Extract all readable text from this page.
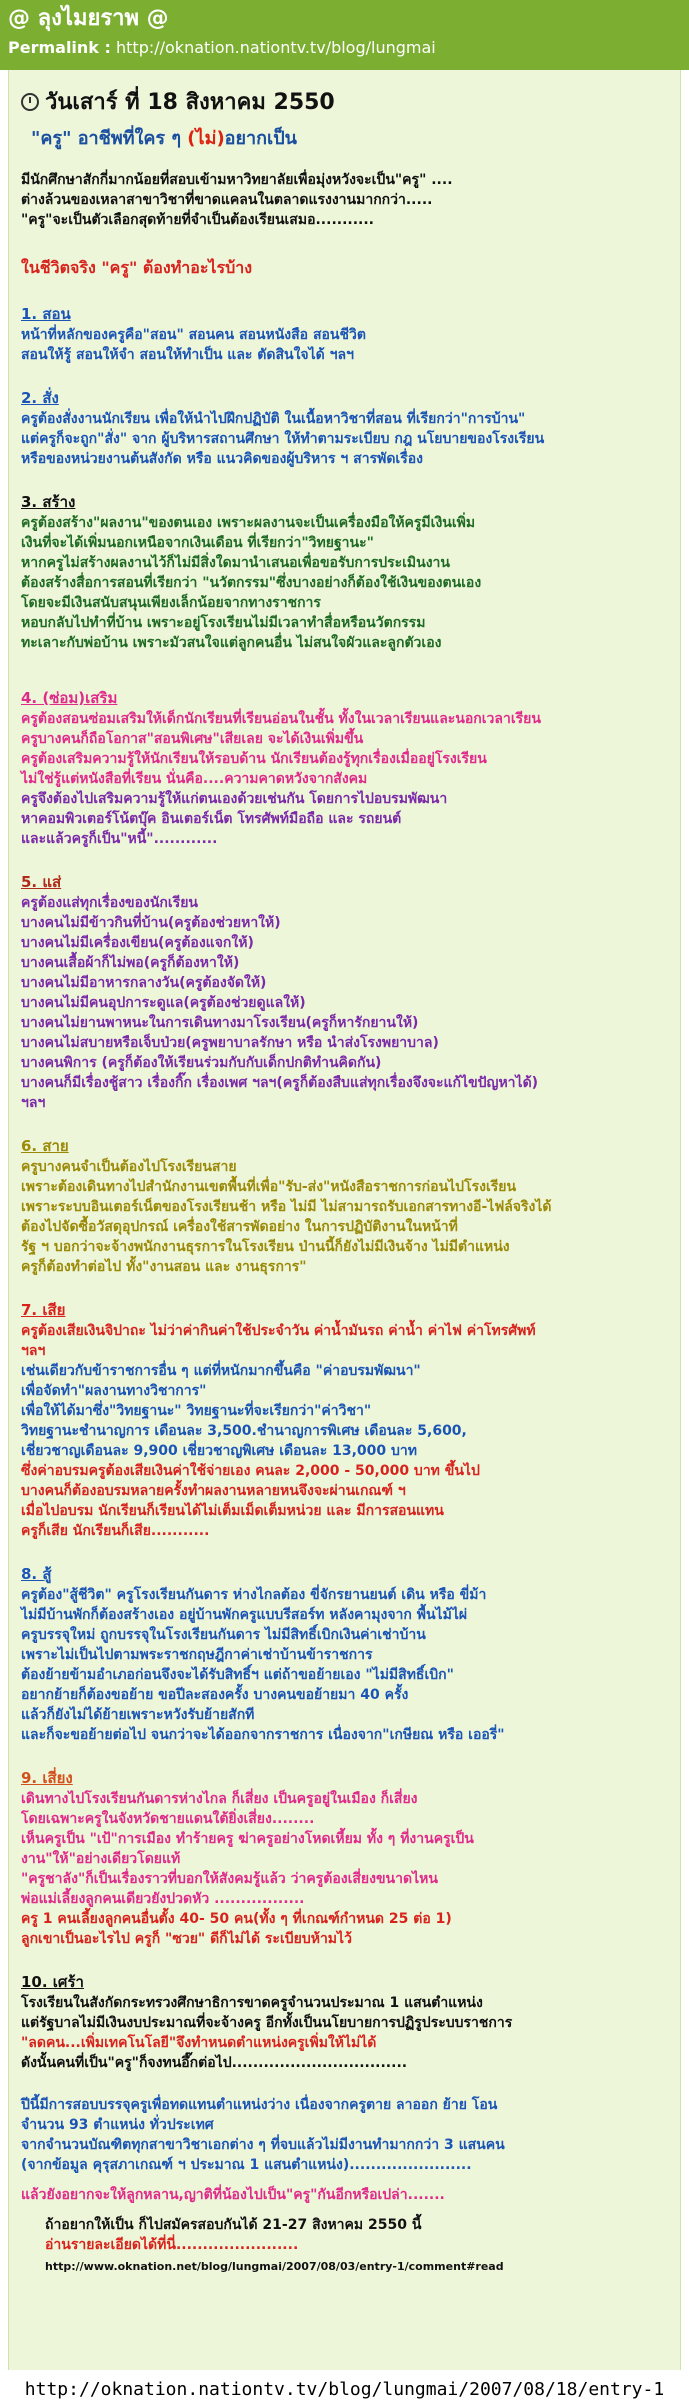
@ ลุงไมยราพ @
Permalink : http://oknation.nationtv.tv/blog/lungmai
วันเสาร์ ที่ 18 สิงหาคม 2550
"ครู" อาชีพที่ใคร ๆ (ไม่)อยากเป็น

มีนักศึกษาสักกี่มากน้อยที่สอบเข้ามหาวิทยาลัยเพื่อมุ่งหวังจะเป็น"ครู" ....

ต่างล้วนของเหลาสาขาวิชาที่ขาดแคลนในตลาดแรงงานมากกว่า.....

"ครู"จะเป็นตัวเลือกสุดท้ายที่จำเป็นต้องเรียนเสมอ...........

ในชีวิตจริง "ครู" ต้องทำอะไรบ้าง
1. สอน

หน้าที่หลักของครูคือ"สอน" สอนคน สอนหนังสือ สอนชีวิต

สอนให้รู้ สอนให้จำ สอนให้ทำเป็น และ ตัดสินใจได้ ฯลฯ

2. สั่ง

ครูต้องสั่งงานนักเรียน เพื่อให้นำไปฝึกปฏิบัติ ในเนื้อหาวิชาที่สอน ที่เรียกว่า"การบ้าน"

แต่ครูก็จะถูก"สั่ง" จาก ผู้บริหารสถานศึกษา ให้ทำตามระเบียบ กฎ นโยบายของโรงเรียน

หรือของหน่วยงานต้นสังกัด หรือ แนวคิดของผู้บริหาร ฯ สารพัดเรื่อง

3. สร้าง

ครูต้องสร้าง"ผลงาน"ของตนเอง เพราะผลงานจะเป็นเครื่องมือให้ครูมีเงินเพิ่ม

เงินที่จะได้เพิ่มนอกเหนือจากเงินเดือน ที่เรียกว่า"วิทยฐานะ"

หากครูไม่สร้างผลงานไว้ก็ไม่มีสิ่งใดมานำเสนอเพื่อขอรับการประเมินงาน

ต้องสร้างสื่อการสอนที่เรียกว่า "นวัตกรรม"ซึ่งบางอย่างก็ต้องใช้เงินของตนเอง

โดยจะมีเงินสนับสนุนเพียงเล็กน้อยจากทางราชการ

หอบกลับไปทำที่บ้าน เพราะอยู่โรงเรียนไม่มีเวลาทำสื่อหรือนวัตกรรม

ทะเลาะกับพ่อบ้าน เพราะมัวสนใจแต่ลูกคนอื่น ไม่สนใจผัวและลูกตัวเอง

4. (ซ่อม)เสริม

ครูต้องสอนซ่อมเสริมให้เด็กนักเรียนที่เรียนอ่อนในชั้น ทั้งในเวลาเรียนและนอกเวลาเรียน

ครูบางคนก็ถือโอกาส"สอนพิเศษ"เสียเลย จะได้เงินเพิ่มขึ้น

ครูต้องเสริมความรู้ให้นักเรียนให้รอบด้าน นักเรียนต้องรู้ทุกเรื่องเมื่ออยู่โรงเรียน

ไม่ใช่รู้แต่หนังสือที่เรียน นั่นคือ....ความคาดหวังจากสังคม

ครูจึงต้องไปเสริมความรู้ให้แก่ตนเองด้วยเช่นกัน โดยการไปอบรมพัฒนา

หาคอมพิวเตอร์โน้ตบุ๊ค อินเตอร์เน็ต โทรศัพท์มือถือ และ รถยนต์

และแล้วครูก็เป็น"หนี้"............

5. แส่

ครูต้องแส่ทุกเรื่องของนักเรียน

บางคนไม่มีข้าวกินที่บ้าน(ครูต้องช่วยหาให้)

บางคนไม่มีเครื่องเขียน(ครูต้องแจกให้)

บางคนเสื้อผ้าก็ไม่พอ(ครูก็ต้องหาให้)

บางคนไม่มีอาหารกลางวัน(ครูต้องจัดให้)

บางคนไม่มีคนอุปการะดูแล(ครูต้องช่วยดูแลให้)

บางคนไม่ยานพาหนะในการเดินทางมาโรงเรียน(ครูก็หารักยานให้)

บางคนไม่สบายหรือเจ็บป่วย(ครูพยาบาลรักษา หรือ นำส่งโรงพยาบาล)

บางคนพิการ (ครูก็ต้องให้เรียนร่วมกับกับเด็กปกติทำนคิดกัน)

บางคนก็มีเรื่องชู้สาว เรื่องกิ๊ก เรื่องเพศ ฯลฯ(ครูก็ต้องสืบแส่ทุกเรื่องจึงจะแก้ไขปัญหาได้)

ฯลฯ

6. สาย

ครูบางคนจำเป็นต้องไปโรงเรียนสาย

เพราะต้องเดินทางไปสำนักงานเขตพื้นที่เพื่อ"รับ-ส่ง"หนังสือราชการก่อนไปโรงเรียน

เพราะระบบอินเตอร์เน็ตของโรงเรียนช้า หรือ ไม่มี ไม่สามารถรับเอกสารทางอี-ไฟล์จริงได้

ต้องไปจัดซื้อวัสดุอุปกรณ์ เครื่องใช้สารพัดอย่าง ในการปฏิบัติงานในหน้าที่

รัฐ ฯ บอกว่าจะจ้างพนักงานธุรการในโรงเรียน ป่านนี้ก็ยังไม่มีเงินจ้าง ไม่มีตำแหน่ง

ครูก็ต้องทำต่อไป ทั้ง"งานสอน และ งานธุรการ"

7. เสีย

ครูต้องเสียเงินจิปาถะ ไม่ว่าค่ากินค่าใช้ประจำวัน ค่าน้ำมันรถ ค่าน้ำ ค่าไฟ ค่าโทรศัพท์

ฯลฯ

เช่นเดียวกับข้าราชการอื่น ๆ แต่ที่หนักมากขึ้นคือ "ค่าอบรมพัฒนา"

เพื่อจัดทำ"ผลงานทางวิชาการ"

เพื่อให้ได้มาซึ่ง"วิทยฐานะ" วิทยฐานะที่จะเรียกว่า"ค่าวิชา"

วิทยฐานะชำนาญการ เดือนละ 3,500.ชำนาญการพิเศษ เดือนละ 5,600,

เชี่ยวชาญเดือนละ 9,900 เชี่ยวชาญพิเศษ เดือนละ 13,000 บาท

ซึ่งค่าอบรมครูต้องเสียเงินค่าใช้จ่ายเอง คนละ 2,000 - 50,000 บาท ขึ้นไป

บางคนก็ต้องอบรมหลายครั้งทำผลงานหลายหนจึงจะผ่านเกณฑ์ ฯ

เมื่อไปอบรม นักเรียนก็เรียนได้ไม่เต็มเม็ดเต็มหน่วย และ มีการสอนแทน

ครูก็เสีย นักเรียนก็เสีย...........

8. สู้

ครูต้อง"สู้ชีวิต" ครูโรงเรียนกันดาร ห่างไกลต้อง ขี่จักรยานยนต์ เดิน หรือ ขี่ม้า

ไม่มีบ้านพักก็ต้องสร้างเอง อยู่บ้านพักครูแบบรีสอร์ท หลังคามุงจาก พื้นไม้ไผ่

ครูบรรจุใหม่ ถูกบรรจุในโรงเรียนกันดาร ไม่มีสิทธิ์เบิกเงินค่าเช่าบ้าน

เพราะไม่เป็นไปตามพระราชกฤษฎีกาค่าเช่าบ้านข้าราชการ

ต้องย้ายข้ามอำเภอก่อนจึงจะได้รับสิทธิ์ฯ แต่ถ้าขอย้ายเอง "ไม่มีสิทธิ์เบิก"

อยากย้ายก็ต้องขอย้าย ขอปีละสองครั้ง บางคนขอย้ายมา 40 ครั้ง

แล้วก็ยังไม่ได้ย้ายเพราะหวังรับย้ายสักที

และก็จะขอย้ายต่อไป จนกว่าจะได้ออกจากราชการ เนื่องจาก"เกษียณ หรือ เออรี่"

9. เสี่ยง

เดินทางไปโรงเรียนกันดารห่างไกล ก็เสี่ยง เป็นครูอยู่ในเมือง ก็เสี่ยง

โดยเฉพาะครูในจังหวัดชายแดนใต้ยิ่งเสี่ยง........

เห็นครูเป็น "เป้"การเมือง ทำร้ายครู ฆ่าครูอย่างโหดเหี้ยม ทั้ง ๆ ที่งานครูเป็น

งาน"ให้"อย่างเดียวโดยแท้

"ครูชาลัง"ก็เป็นเรื่องราวที่บอกให้สังคมรู้แล้ว ว่าครูต้องเสี่ยงขนาดไหน

พ่อแม่เลี้ยงลูกคนเดียวยังปวดหัว .................

ครู 1 คนเลี้ยงลูกคนอื่นตั้ง 40- 50 คน(ทั้ง ๆ ที่เกณฑ์กำหนด 25 ต่อ 1)

ลูกเขาเป็นอะไรไป ครูก็ "ซวย" ดีก็ไม่ได้ ระเบียบห้ามไว้

10. เศร้า

โรงเรียนในสังกัดกระทรวงศึกษาธิการขาดครูจำนวนประมาณ 1 แสนตำแหน่ง

แต่รัฐบาลไม่มีเงินงบประมาณที่จะจ้างครู อีกทั้งเป็นนโยบายการปฏิรูประบบราชการ

"ลดคน...เพิ่มเทคโนโลยี"จึงทำหนดตำแหน่งครูเพิ่มให้ไม่ได้

ดังนั้นคนที่เป็น"ครู"ก็จงทนอึ๊กต่อไป.................................

ปีนี้มีการสอบบรรจุครูเพื่อทดแทนตำแหน่งว่าง เนื่องจากครูตาย ลาออก ย้าย โอน

จำนวน 93 ตำแหน่ง ทั่วประเทศ

จากจำนวนบัณฑิตทุกสาขาวิชาเอกต่าง ๆ ที่จบแล้วไม่มีงานทำมากกว่า 3 แสนคน

(จากข้อมูล คุรุสภาเกณฑ์ ฯ ประมาณ 1 แสนตำแหน่ง).......................

แล้วยังอยากจะให้ลูกหลาน,ญาติที่น้องไปเป็น"ครู"กันอีกหรือเปล่า.......

ถ้าอยากให้เป็น ก็ไปสมัครสอบกันได้ 21-27 สิงหาคม 2550 นี้
อ่านรายละเอียดได้ที่นี่.......................
http://www.oknation.net/blog/lungmai/2007/08/03/entry-1/comment#read
http://oknation.nationtv.tv/blog/lungmai/2007/08/18/entry-1
